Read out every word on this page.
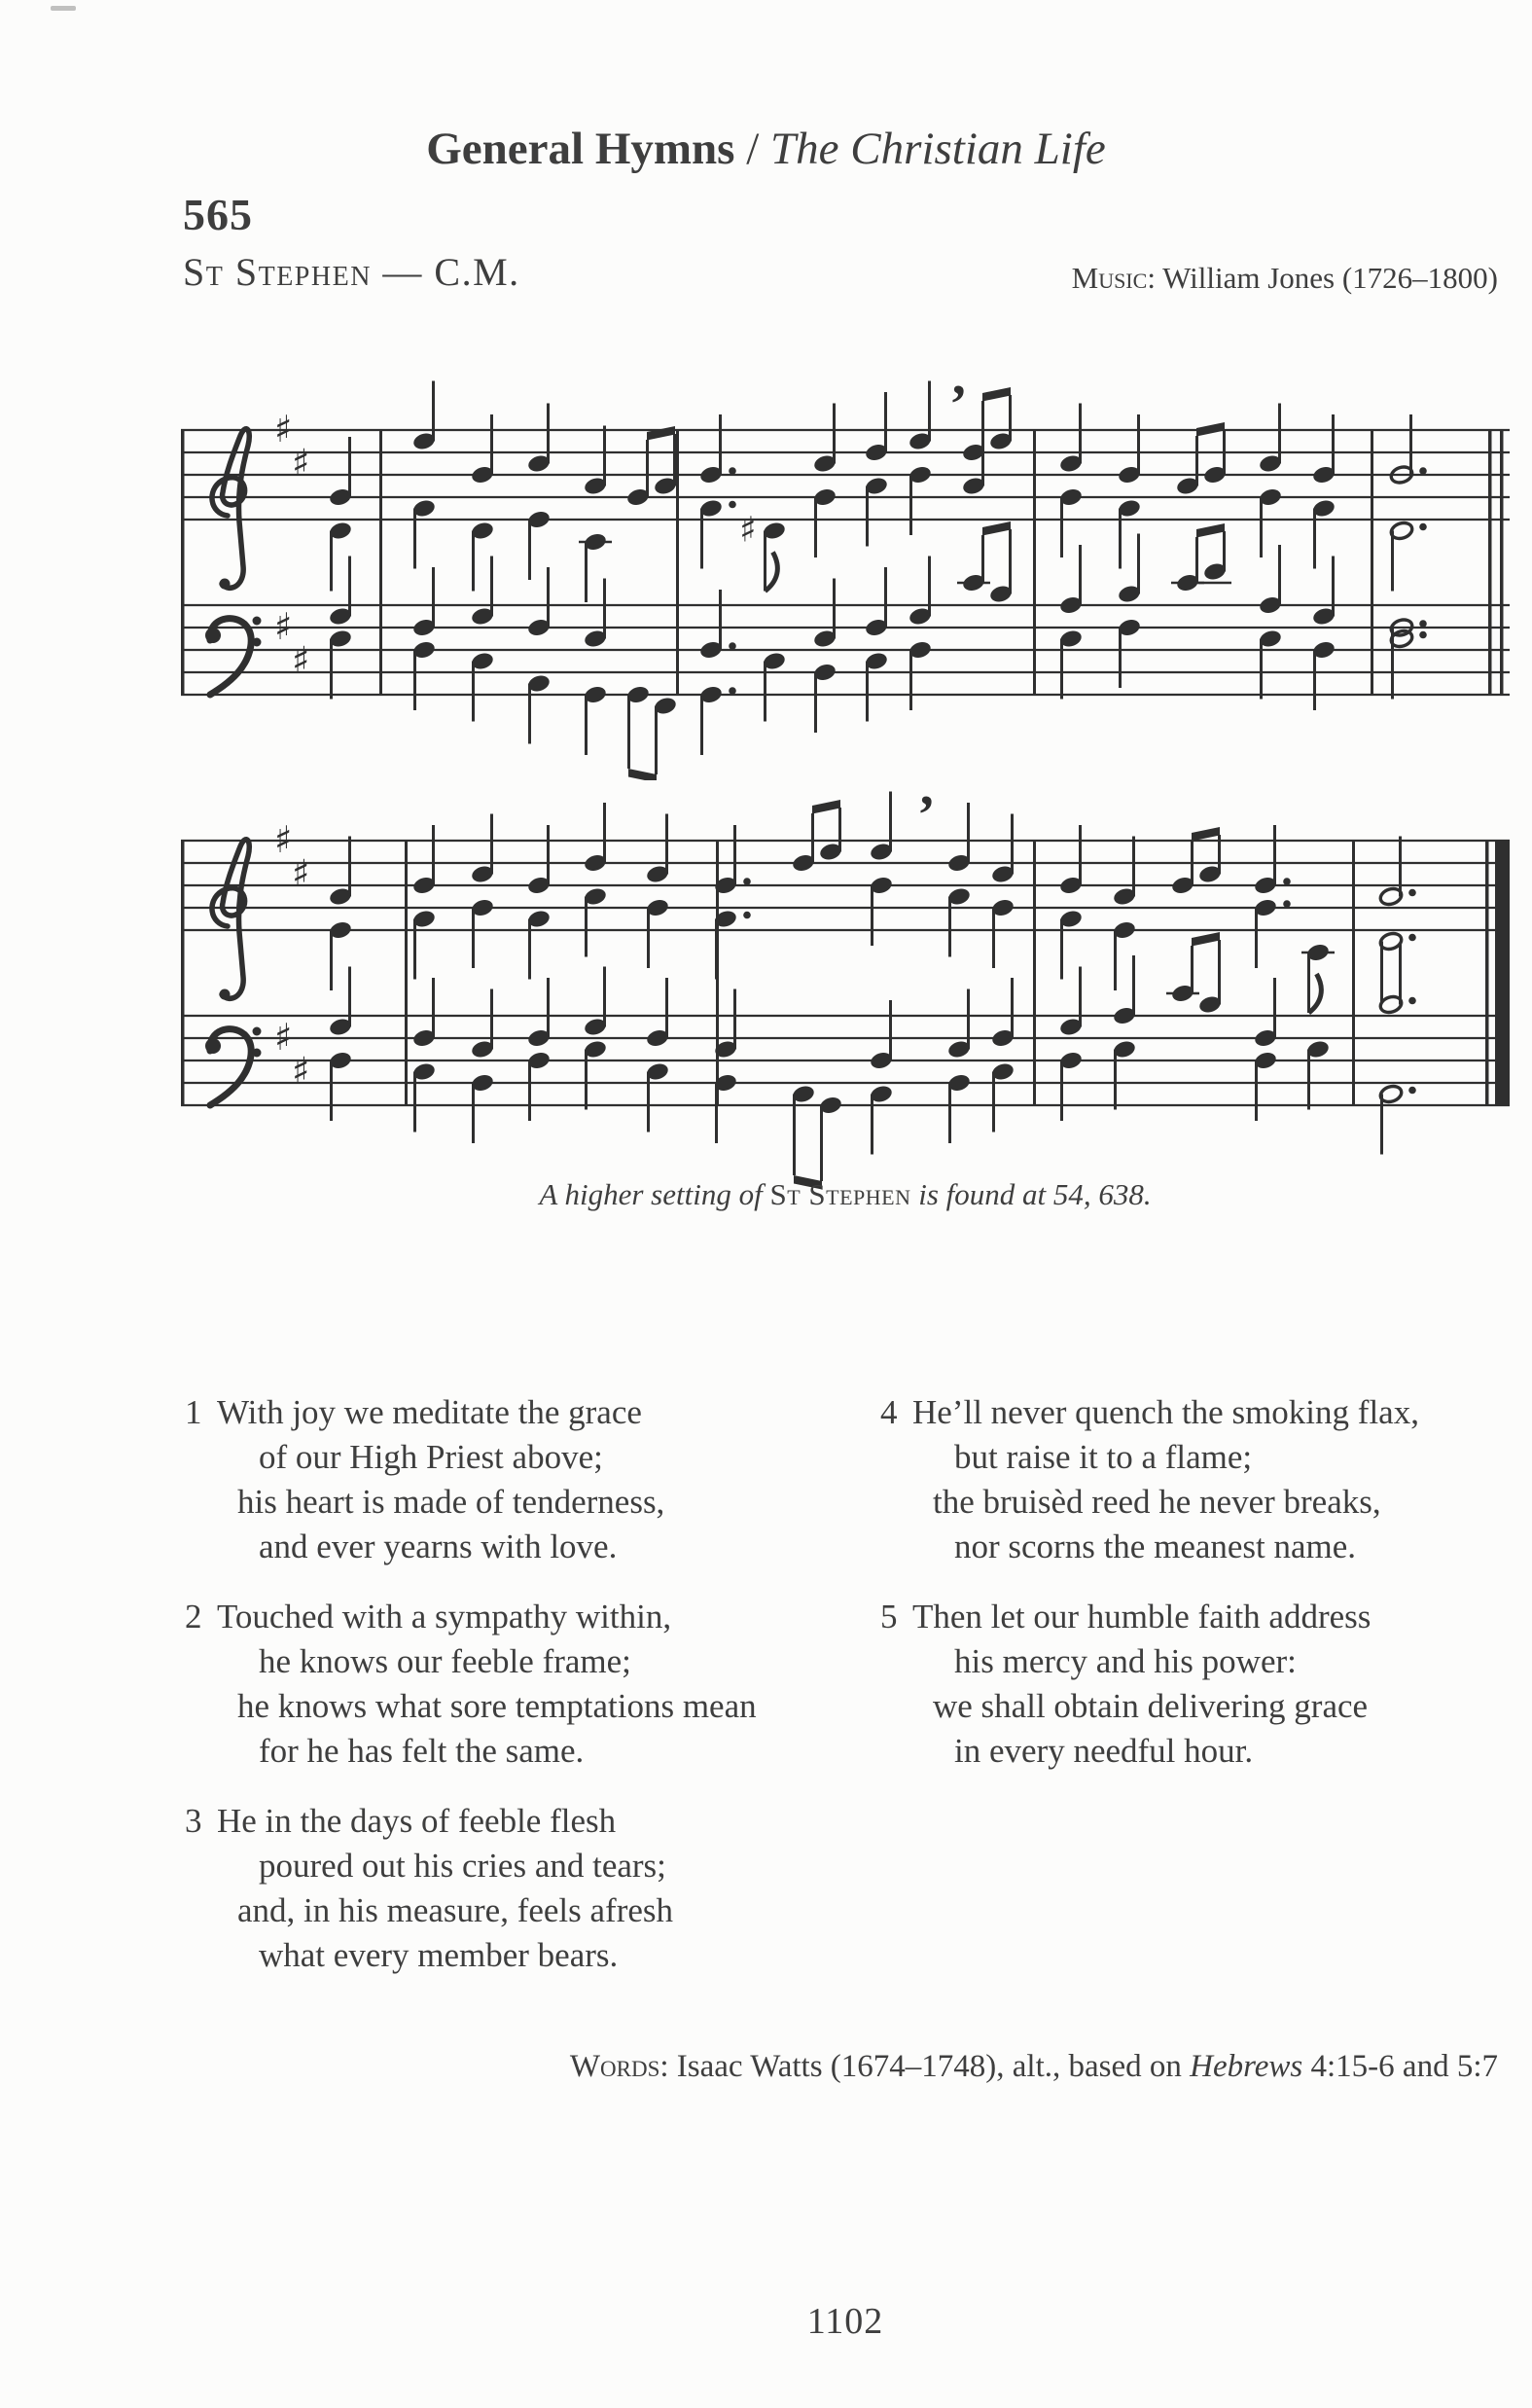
General Hymns / The Christian Life
565
St Stephen — C.M.	Music: William Jones (1726–1800)
♯
♯
♯
♯
’
♯
♯
♯
♯
♯
’
A higher setting of St Stephen is found at 54, 638.
1 With joy we meditate the grace
of our High Priest above;
his heart is made of tenderness,
and ever yearns with love.
2 Touched with a sympathy within,
he knows our feeble frame;
he knows what sore temptations mean
for he has felt the same.
3 He in the days of feeble flesh
poured out his cries and tears;
and, in his measure, feels afresh
what every member bears.
4 He’ll never quench the smoking flax,
but raise it to a flame;
the bruisèd reed he never breaks,
nor scorns the meanest name.
5 Then let our humble faith address
his mercy and his power:
we shall obtain delivering grace
in every needful hour.
Words: Isaac Watts (1674–1748), alt., based on Hebrews 4:15-6 and 5:7
1102
